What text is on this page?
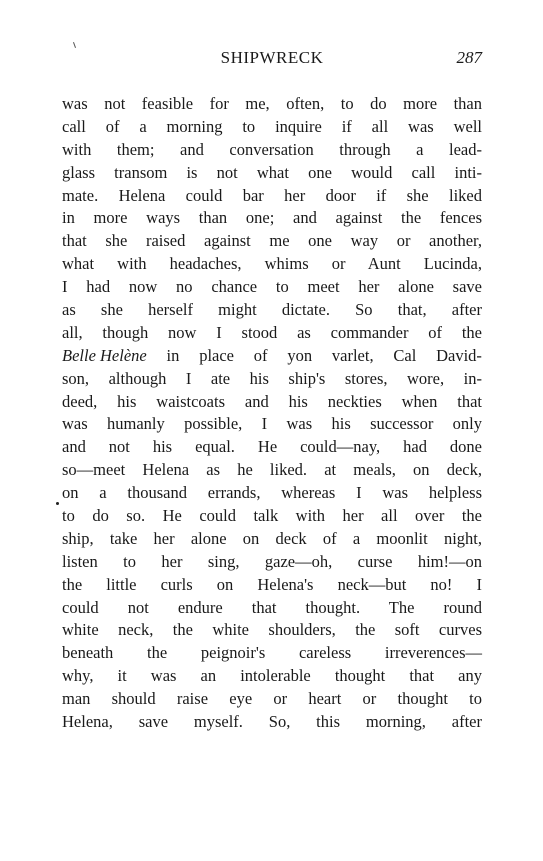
SHIPWRECK	287
was not feasible for me, often, to do more than
call of a morning to inquire if all was well
with them; and conversation through a lead-
glass transom is not what one would call inti-
mate. Helena could bar her door if she liked
in more ways than one; and against the fences
that she raised against me one way or another,
what with headaches, whims or Aunt Lucinda,
I had now no chance to meet her alone save
as she herself might dictate. So that, after
all, though now I stood as commander of the
Belle Helène in place of yon varlet, Cal David-
son, although I ate his ship's stores, wore, in-
deed, his waistcoats and his neckties when that
was humanly possible, I was his successor only
and not his equal. He could—nay, had done
so—meet Helena as he liked. at meals, on deck,
on a thousand errands, whereas I was helpless
to do so. He could talk with her all over the
ship, take her alone on deck of a moonlit night,
listen to her sing, gaze—oh, curse him!—on
the little curls on Helena's neck—but no! I
could not endure that thought. The round
white neck, the white shoulders, the soft curves
beneath the peignoir's careless irreverences—
why, it was an intolerable thought that any
man should raise eye or heart or thought to
Helena, save myself. So, this morning, after
